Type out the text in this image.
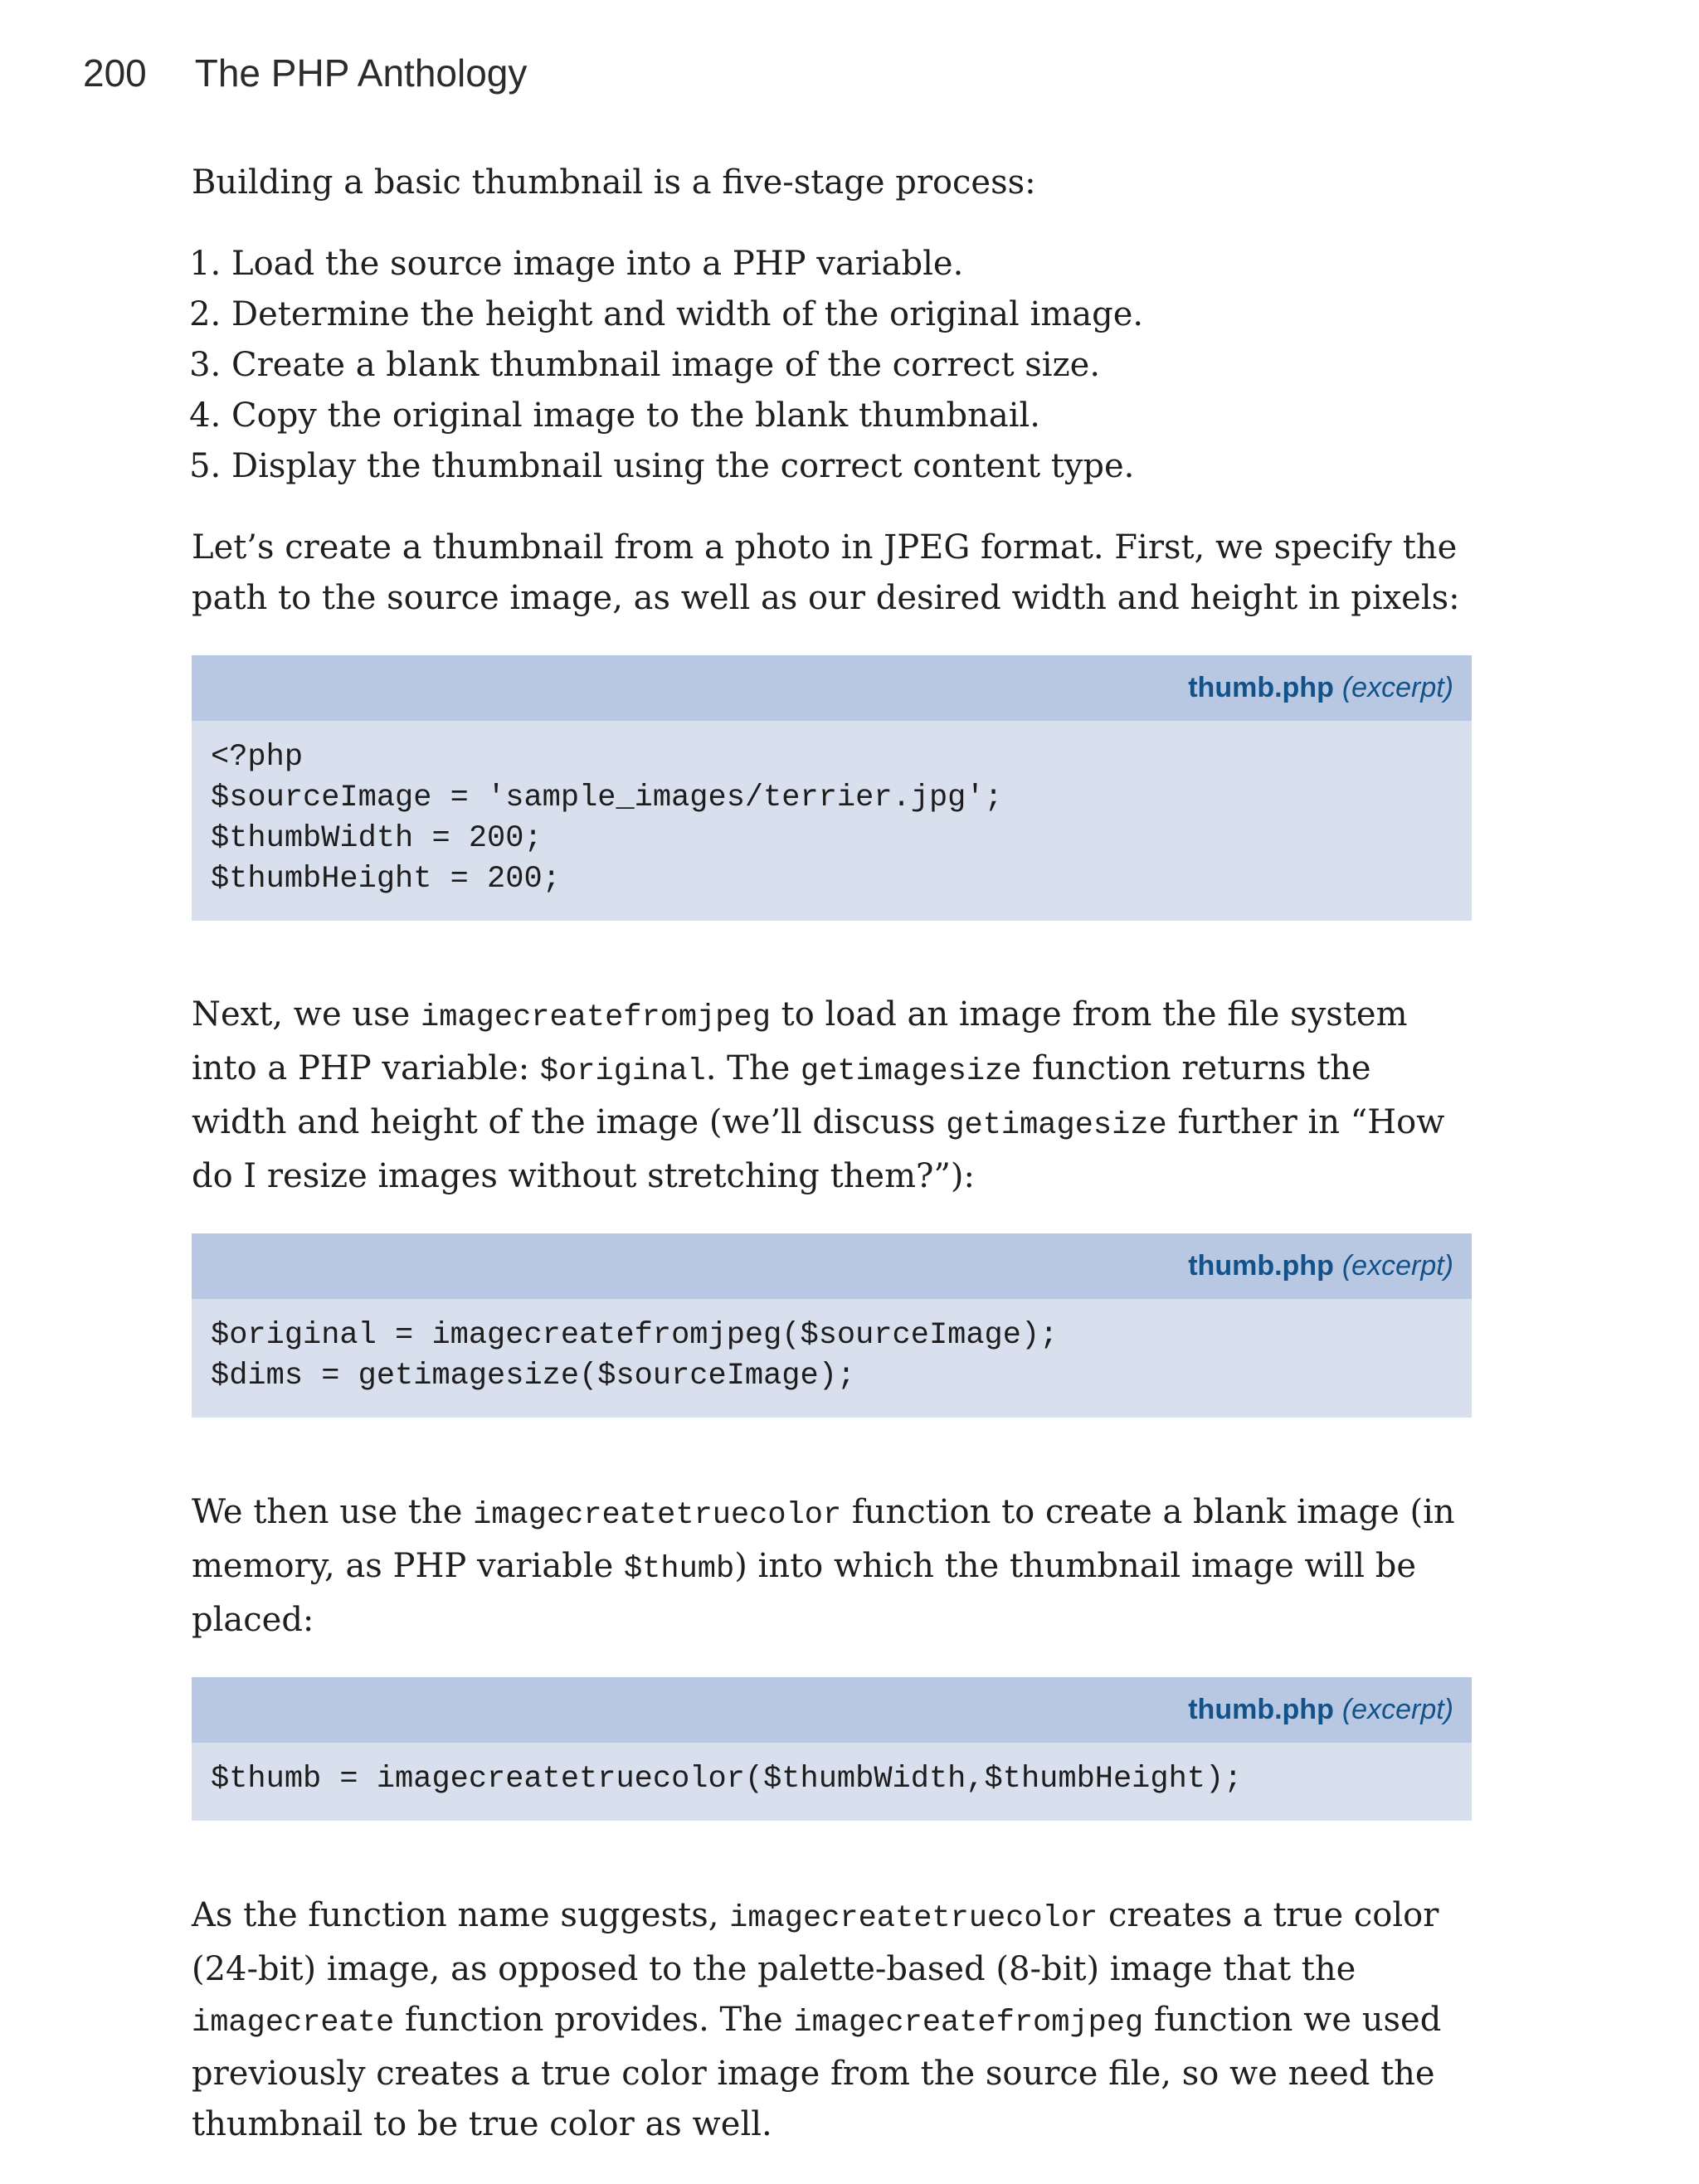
200 The PHP Anthology

Building a basic thumbnail is a five-stage process:

1. Load the source image into a PHP variable.
2. Determine the height and width of the original image.
3. Create a blank thumbnail image of the correct size.
4. Copy the original image to the blank thumbnail.
5. Display the thumbnail using the correct content type.

Let’s create a thumbnail from a photo in JPEG format. First, we specify the path to the source image, as well as our desired width and height in pixels:

thumb.php (excerpt)
<?php
$sourceImage = 'sample_images/terrier.jpg';
$thumbWidth = 200;
$thumbHeight = 200;

Next, we use imagecreatefromjpeg to load an image from the file system into a PHP variable: $original. The getimagesize function returns the width and height of the image (we’ll discuss getimagesize further in “How do I resize images without stretching them?”):

thumb.php (excerpt)
$original = imagecreatefromjpeg($sourceImage);
$dims = getimagesize($sourceImage);

We then use the imagecreatetruecolor function to create a blank image (in memory, as PHP variable $thumb) into which the thumbnail image will be placed:

thumb.php (excerpt)
$thumb = imagecreatetruecolor($thumbWidth,$thumbHeight);

As the function name suggests, imagecreatetruecolor creates a true color (24-bit) image, as opposed to the palette-based (8-bit) image that the imagecreate function provides. The imagecreatefromjpeg function we used previously creates a true color image from the source file, so we need the thumbnail to be true color as well.
